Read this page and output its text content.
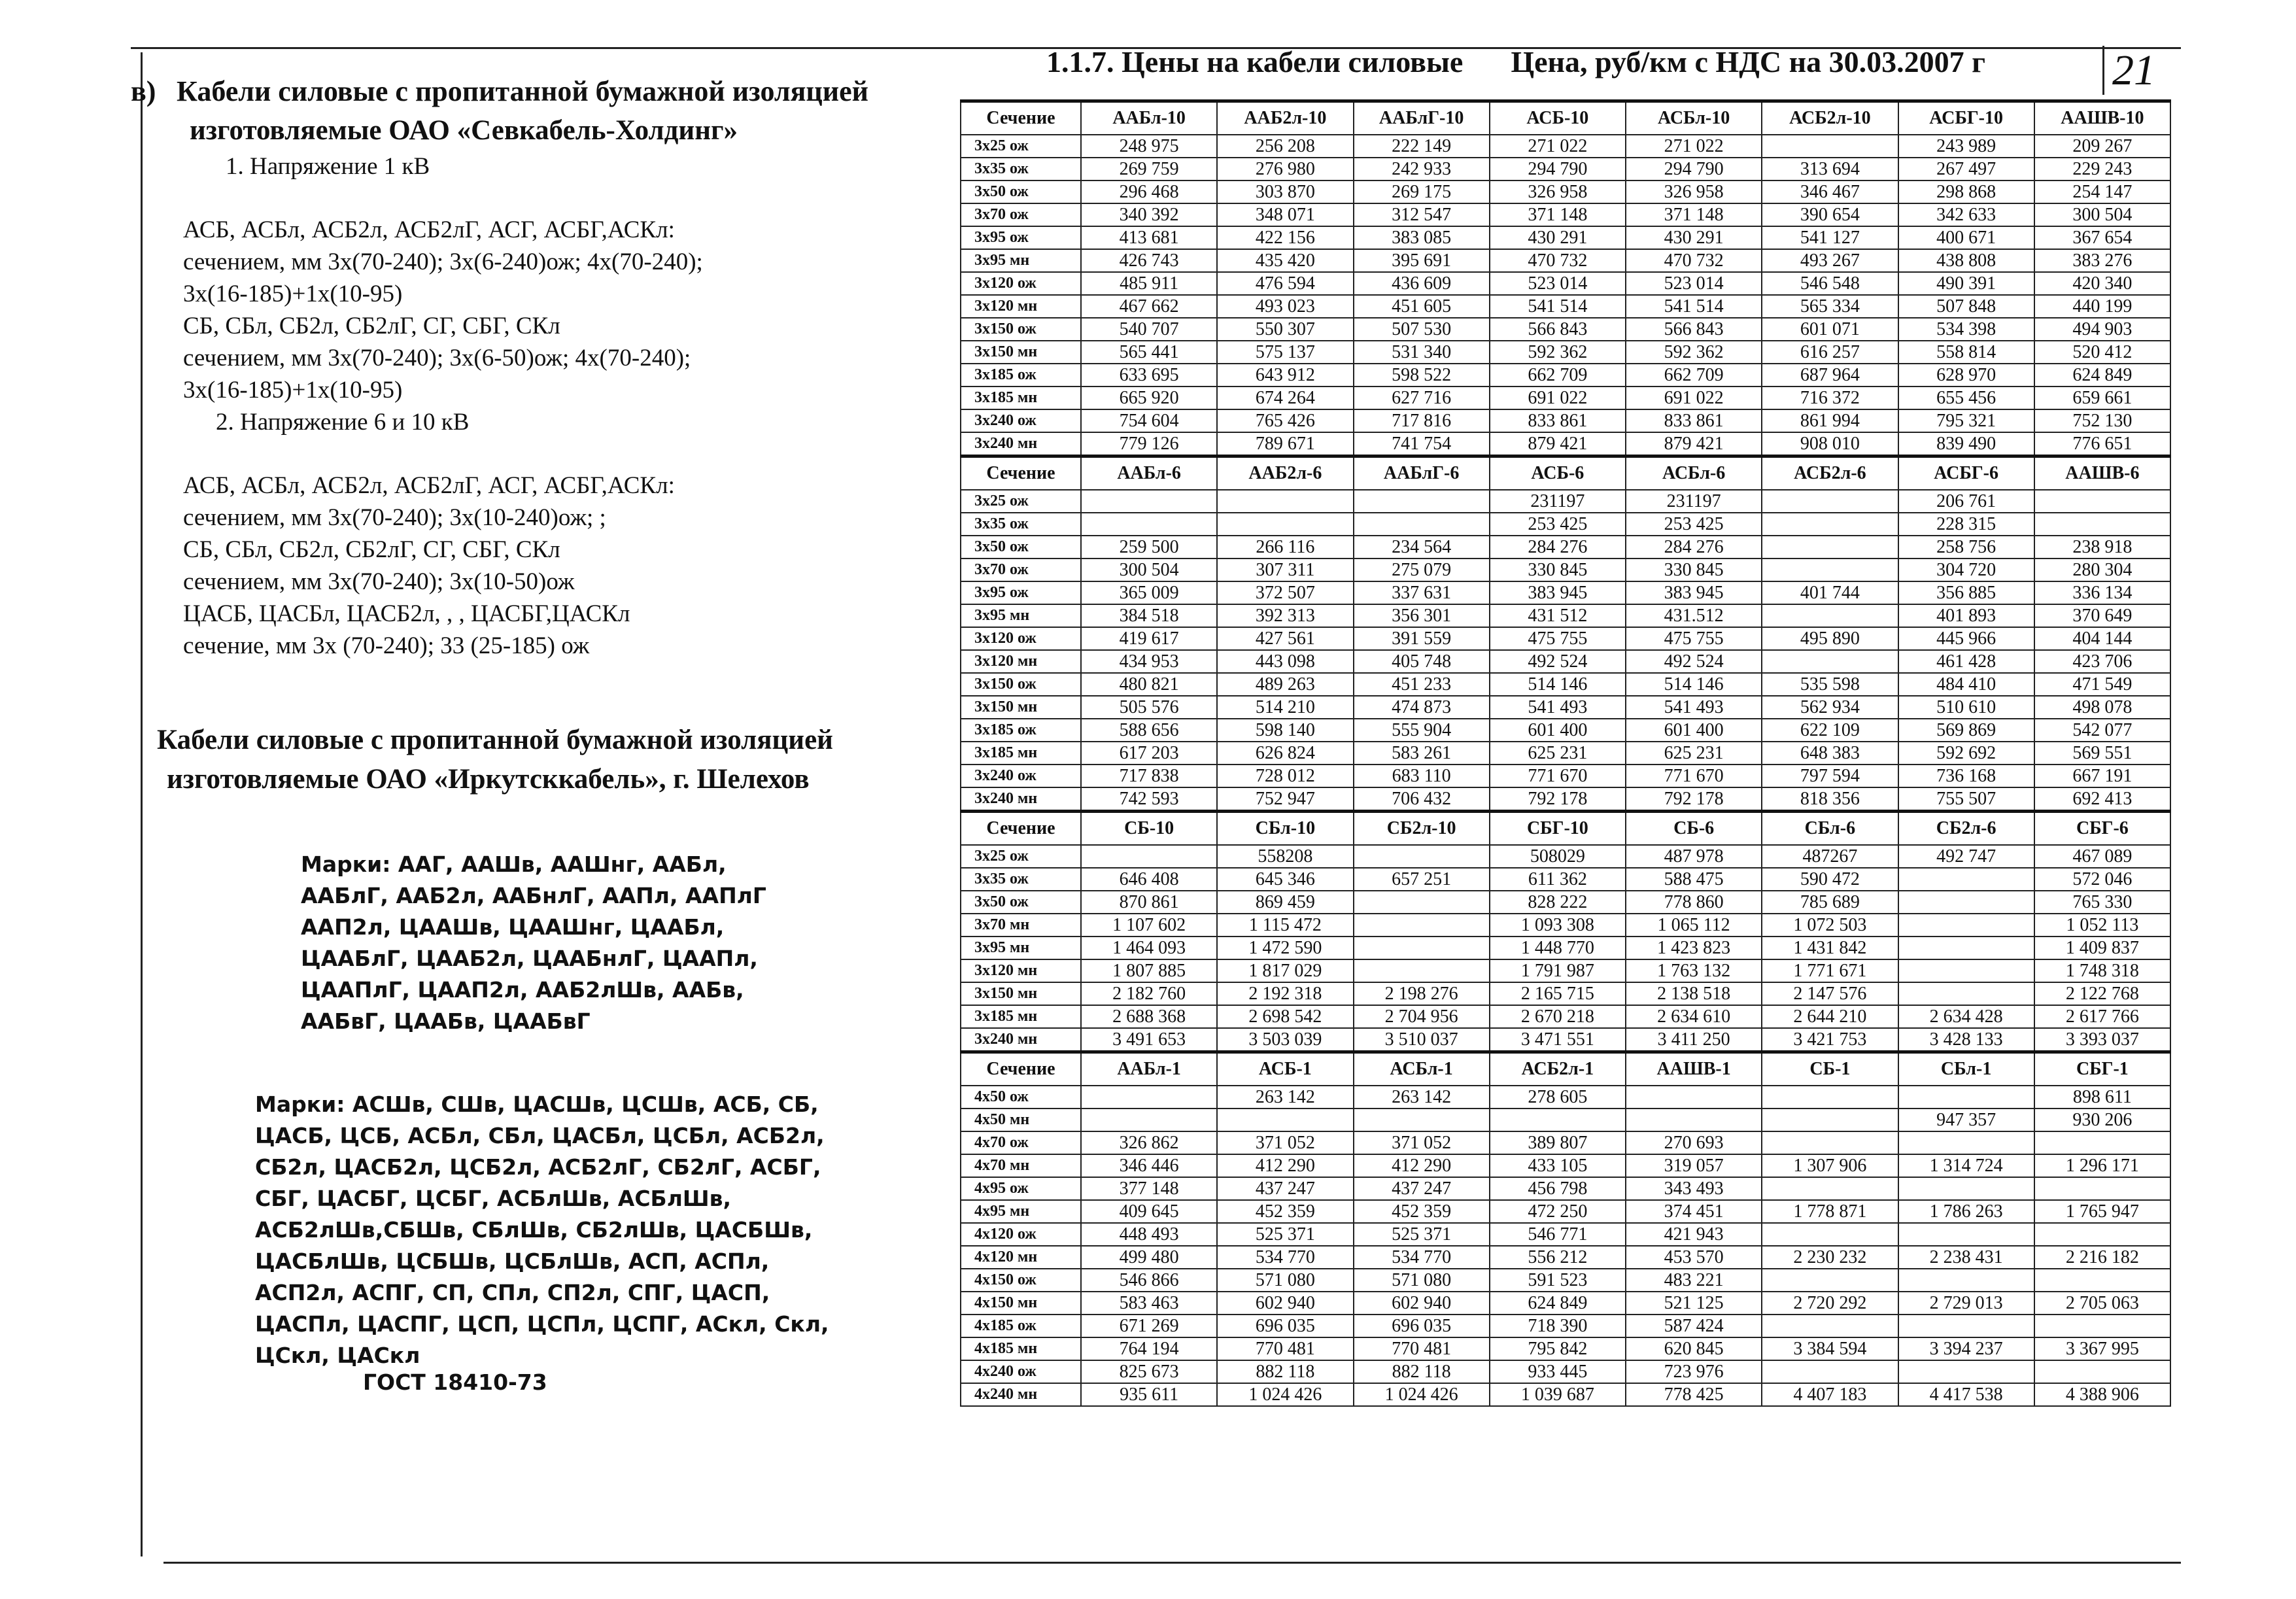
1.1.7. Цены на кабели силовые Цена, руб/км с НДС на 30.03.2007 г	21
в) Кабели силовые с пропитанной бумажной изоляцией
изготовляемые ОАО «Севкабель-Холдинг»
1. Напряжение 1 кВ
АСБ, АСБл, АСБ2л, АСБ2лГ, АСГ, АСБГ,АСКл:
сечением, мм 3х(70-240); 3х(6-240)ож; 4х(70-240);
3х(16-185)+1х(10-95)
СБ, СБл, СБ2л, СБ2лГ, СГ, СБГ, СКл
сечением, мм 3х(70-240); 3х(6-50)ож; 4х(70-240);
3х(16-185)+1х(10-95)
2. Напряжение 6 и 10 кВ
АСБ, АСБл, АСБ2л, АСБ2лГ, АСГ, АСБГ,АСКл:
сечением, мм 3х(70-240); 3х(10-240)ож; ;
СБ, СБл, СБ2л, СБ2лГ, СГ, СБГ, СКл
сечением, мм 3х(70-240); 3х(10-50)ож
ЦАСБ, ЦАСБл, ЦАСБ2л, , , ЦАСБГ,ЦАСКл
сечение, мм 3х (70-240); 33 (25-185) ож
Кабели силовые с пропитанной бумажной изоляцией
изготовляемые ОАО «Иркутсккабель», г. Шелехов
Марки: ААГ, ААШв, ААШнг, ААБл,
ААБлГ, ААБ2л, ААБнлГ, ААПл, ААПлГ
ААП2л, ЦААШв, ЦААШнг, ЦААБл,
ЦААБлГ, ЦААБ2л, ЦААБнлГ, ЦААПл,
ЦААПлГ, ЦААП2л, ААБ2лШв, ААБв,
ААБвГ, ЦААБв, ЦААБвГ
Марки: АСШв, СШв, ЦАСШв, ЦСШв, АСБ, СБ,
ЦАСБ, ЦСБ, АСБл, СБл, ЦАСБл, ЦСБл, АСБ2л,
СБ2л, ЦАСБ2л, ЦСБ2л, АСБ2лГ, СБ2лГ, АСБГ,
СБГ, ЦАСБГ, ЦСБГ, АСБлШв, АСБлШв,
АСБ2лШв,СБШв, СБлШв, СБ2лШв, ЦАСБШв,
ЦАСБлШв, ЦСБШв, ЦСБлШв, АСП, АСПл,
АСП2л, АСПГ, СП, СПл, СП2л, СПГ, ЦАСП,
ЦАСПл, ЦАСПГ, ЦСП, ЦСПл, ЦСПГ, АСкл, Скл,
ЦСкл, ЦАСкл
ГОСТ 18410-73
Сечение	ААБл-10	ААБ2л-10	ААБлГ-10	АСБ-10	АСБл-10	АСБ2л-10	АСБГ-10	ААШВ-10
3х25 ож	248 975	256 208	222 149	271 022	271 022		243 989	209 267
3х35 ож	269 759	276 980	242 933	294 790	294 790	313 694	267 497	229 243
3х50 ож	296 468	303 870	269 175	326 958	326 958	346 467	298 868	254 147
3х70 ож	340 392	348 071	312 547	371 148	371 148	390 654	342 633	300 504
3х95 ож	413 681	422 156	383 085	430 291	430 291	541 127	400 671	367 654
3х95 мн	426 743	435 420	395 691	470 732	470 732	493 267	438 808	383 276
3х120 ож	485 911	476 594	436 609	523 014	523 014	546 548	490 391	420 340
3х120 мн	467 662	493 023	451 605	541 514	541 514	565 334	507 848	440 199
3х150 ож	540 707	550 307	507 530	566 843	566 843	601 071	534 398	494 903
3х150 мн	565 441	575 137	531 340	592 362	592 362	616 257	558 814	520 412
3х185 ож	633 695	643 912	598 522	662 709	662 709	687 964	628 970	624 849
3х185 мн	665 920	674 264	627 716	691 022	691 022	716 372	655 456	659 661
3х240 ож	754 604	765 426	717 816	833 861	833 861	861 994	795 321	752 130
3х240 мн	779 126	789 671	741 754	879 421	879 421	908 010	839 490	776 651
Сечение	ААБл-6	ААБ2л-6	ААБлГ-6	АСБ-6	АСБл-6	АСБ2л-6	АСБГ-6	ААШВ-6
3х25 ож				231197	231197		206 761	
3х35 ож				253 425	253 425		228 315	
3х50 ож	259 500	266 116	234 564	284 276	284 276		258 756	238 918
3х70 ож	300 504	307 311	275 079	330 845	330 845		304 720	280 304
3х95 ож	365 009	372 507	337 631	383 945	383 945	401 744	356 885	336 134
3х95 мн	384 518	392 313	356 301	431 512	431.512		401 893	370 649
3х120 ож	419 617	427 561	391 559	475 755	475 755	495 890	445 966	404 144
3х120 мн	434 953	443 098	405 748	492 524	492 524		461 428	423 706
3х150 ож	480 821	489 263	451 233	514 146	514 146	535 598	484 410	471 549
3х150 мн	505 576	514 210	474 873	541 493	541 493	562 934	510 610	498 078
3х185 ож	588 656	598 140	555 904	601 400	601 400	622 109	569 869	542 077
3х185 мн	617 203	626 824	583 261	625 231	625 231	648 383	592 692	569 551
3х240 ож	717 838	728 012	683 110	771 670	771 670	797 594	736 168	667 191
3х240 мн	742 593	752 947	706 432	792 178	792 178	818 356	755 507	692 413
Сечение	СБ-10	СБл-10	СБ2л-10	СБГ-10	СБ-6	СБл-6	СБ2л-6	СБГ-6
3х25 ож		558208		508029	487 978	487267	492 747	467 089
3х35 ож	646 408	645 346	657 251	611 362	588 475	590 472		572 046
3х50 ож	870 861	869 459		828 222	778 860	785 689		765 330
3х70 мн	1 107 602	1 115 472		1 093 308	1 065 112	1 072 503		1 052 113
3х95 мн	1 464 093	1 472 590		1 448 770	1 423 823	1 431 842		1 409 837
3х120 мн	1 807 885	1 817 029		1 791 987	1 763 132	1 771 671		1 748 318
3х150 мн	2 182 760	2 192 318	2 198 276	2 165 715	2 138 518	2 147 576		2 122 768
3х185 мн	2 688 368	2 698 542	2 704 956	2 670 218	2 634 610	2 644 210	2 634 428	2 617 766
3х240 мн	3 491 653	3 503 039	3 510 037	3 471 551	3 411 250	3 421 753	3 428 133	3 393 037
Сечение	ААБл-1	АСБ-1	АСБл-1	АСБ2л-1	ААШВ-1	СБ-1	СБл-1	СБГ-1
4х50 ож		263 142	263 142	278 605				898 611
4х50 мн							947 357	930 206
4х70 ож	326 862	371 052	371 052	389 807	270 693			
4х70 мн	346 446	412 290	412 290	433 105	319 057	1 307 906	1 314 724	1 296 171
4х95 ож	377 148	437 247	437 247	456 798	343 493			
4х95 мн	409 645	452 359	452 359	472 250	374 451	1 778 871	1 786 263	1 765 947
4х120 ож	448 493	525 371	525 371	546 771	421 943			
4х120 мн	499 480	534 770	534 770	556 212	453 570	2 230 232	2 238 431	2 216 182
4х150 ож	546 866	571 080	571 080	591 523	483 221			
4х150 мн	583 463	602 940	602 940	624 849	521 125	2 720 292	2 729 013	2 705 063
4х185 ож	671 269	696 035	696 035	718 390	587 424			
4х185 мн	764 194	770 481	770 481	795 842	620 845	3 384 594	3 394 237	3 367 995
4х240 ож	825 673	882 118	882 118	933 445	723 976			
4х240 мн	935 611	1 024 426	1 024 426	1 039 687	778 425	4 407 183	4 417 538	4 388 906
